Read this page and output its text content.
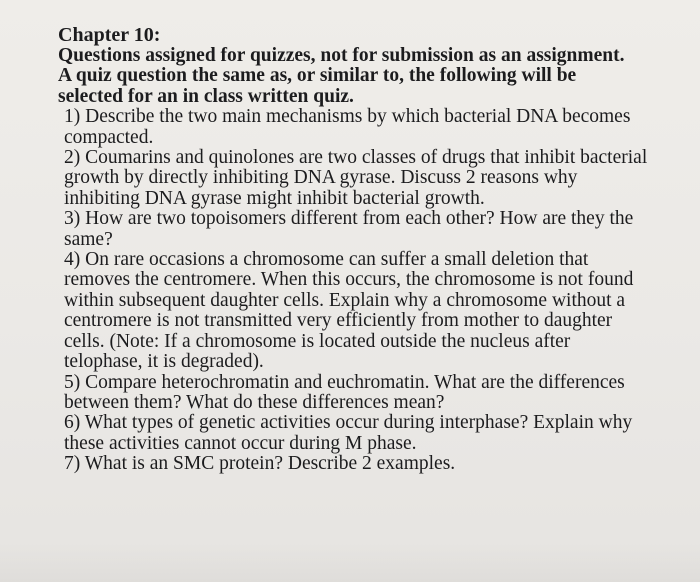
Chapter 10:

Questions assigned for quizzes, not for submission as an assignment.

A quiz question the same as, or similar to, the following will be

selected for an in class written quiz.

1) Describe the two main mechanisms by which bacterial DNA becomes

compacted.

2) Coumarins and quinolones are two classes of drugs that inhibit bacterial

growth by directly inhibiting DNA gyrase. Discuss 2 reasons why

inhibiting DNA gyrase might inhibit bacterial growth.

3) How are two topoisomers different from each other? How are they the

same?

4) On rare occasions a chromosome can suffer a small deletion that

removes the centromere. When this occurs, the chromosome is not found

within subsequent daughter cells. Explain why a chromosome without a

centromere is not transmitted very efficiently from mother to daughter

cells. (Note: If a chromosome is located outside the nucleus after

telophase, it is degraded).

5) Compare heterochromatin and euchromatin. What are the differences

between them? What do these differences mean?

6) What types of genetic activities occur during interphase? Explain why

these activities cannot occur during M phase.

7) What is an SMC protein? Describe 2 examples.
